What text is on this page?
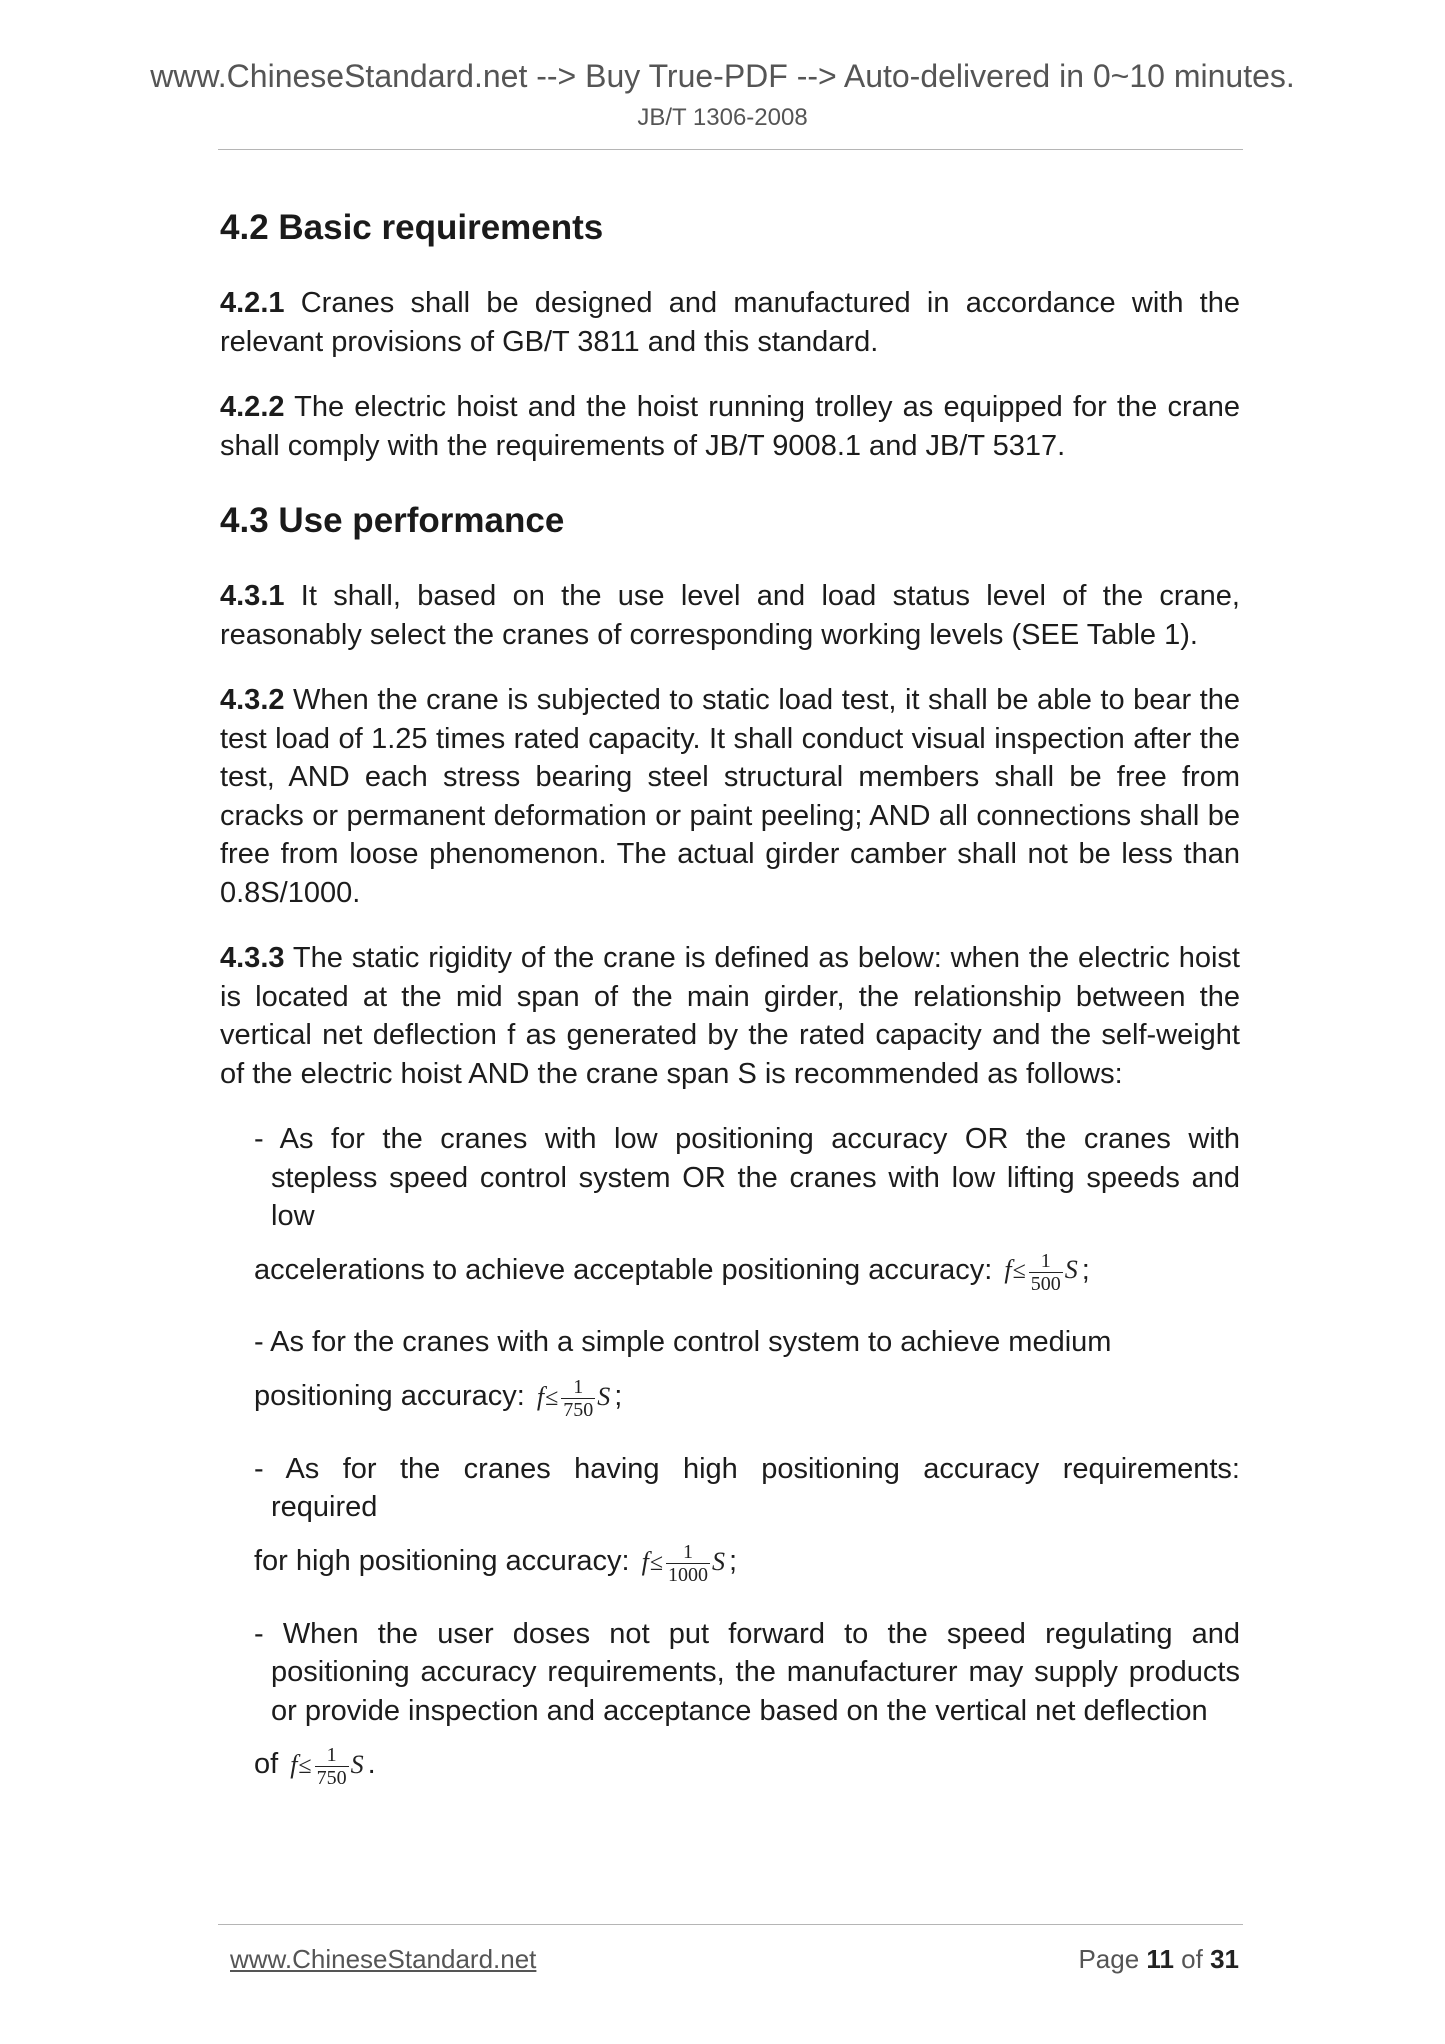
www.ChineseStandard.net --> Buy True-PDF --> Auto-delivered in 0~10 minutes.
JB/T 1306-2008
4.2 Basic requirements

4.2.1 Cranes shall be designed and manufactured in accordance with the relevant provisions of GB/T 3811 and this standard.

4.2.2 The electric hoist and the hoist running trolley as equipped for the crane shall comply with the requirements of JB/T 9008.1 and JB/T 5317.

4.3 Use performance

4.3.1 It shall, based on the use level and load status level of the crane, reasonably select the cranes of corresponding working levels (SEE Table 1).

4.3.2 When the crane is subjected to static load test, it shall be able to bear the test load of 1.25 times rated capacity. It shall conduct visual inspection after the test, AND each stress bearing steel structural members shall be free from cracks or permanent deformation or paint peeling; AND all connections shall be free from loose phenomenon. The actual girder camber shall not be less than 0.8S/1000.

4.3.3 The static rigidity of the crane is defined as below: when the electric hoist is located at the mid span of the main girder, the relationship between the vertical net deflection f as generated by the rated capacity and the self-weight of the electric hoist AND the crane span S is recommended as follows:

- As for the cranes with low positioning accuracy OR the cranes with stepless speed control system OR the cranes with low lifting speeds and low
accelerations to achieve acceptable positioning accuracy: $f\le \frac{1}{500}$ S ;
- As for the cranes with a simple control system to achieve medium
positioning accuracy: $f\le \frac{1}{750}$ S ;
- As for the cranes having high positioning accuracy requirements:    required
for high positioning accuracy: $f\le \frac{1}{1000}$ S ;
- When the user doses not put forward to the speed regulating and positioning accuracy requirements, the manufacturer may supply products or provide inspection and acceptance based on the vertical net deflection
of $f\le \frac{1}{750}$ S .
www.ChineseStandard.net	Page 11 of 31
